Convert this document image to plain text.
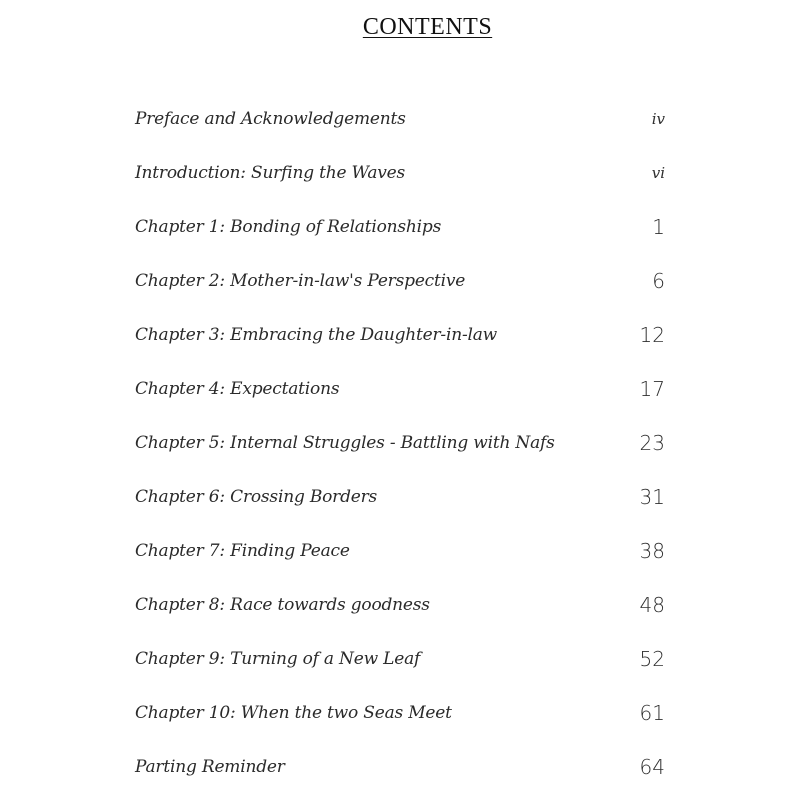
CONTENTS
Preface and Acknowledgements	iv
Introduction: Surfing the Waves	vi
Chapter 1: Bonding of Relationships	1
Chapter 2: Mother-in-law's Perspective	6
Chapter 3: Embracing the Daughter-in-law	12
Chapter 4: Expectations	17
Chapter 5: Internal Struggles - Battling with Nafs	23
Chapter 6: Crossing Borders	31
Chapter 7: Finding Peace	38
Chapter 8: Race towards goodness	48
Chapter 9: Turning of a New Leaf	52
Chapter 10: When the two Seas Meet	61
Parting Reminder	64
